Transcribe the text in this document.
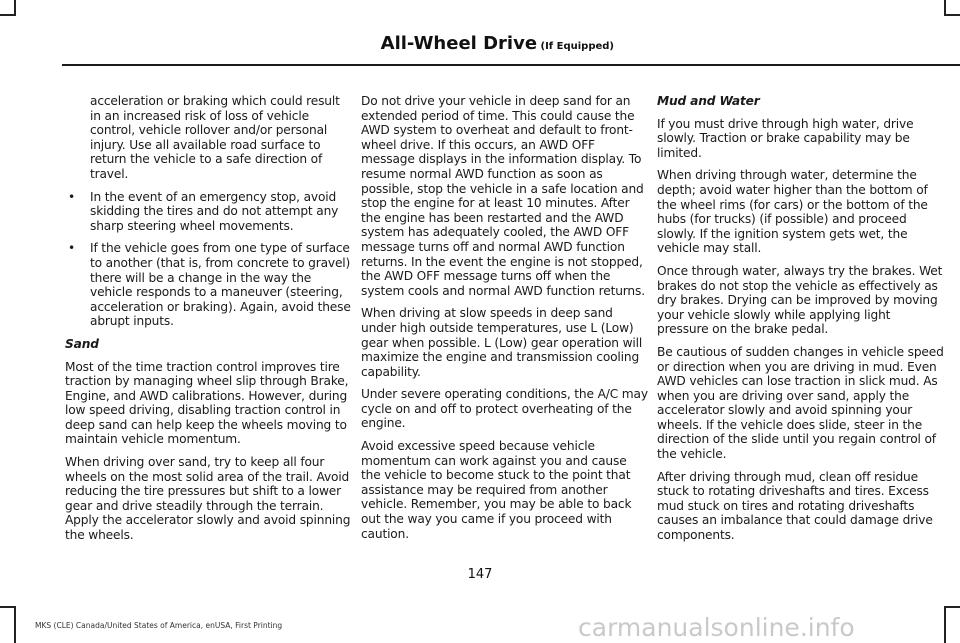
All-Wheel Drive (If Equipped)

acceleration or braking which could result in an increased risk of loss of vehicle control, vehicle rollover and/or personal injury. Use all available road surface to return the vehicle to a safe direction of travel.

• In the event of an emergency stop, avoid skidding the tires and do not attempt any sharp steering wheel movements.
• If the vehicle goes from one type of surface to another (that is, from concrete to gravel) there will be a change in the way the vehicle responds to a maneuver (steering, acceleration or braking). Again, avoid these abrupt inputs.

Sand

Most of the time traction control improves tire traction by managing wheel slip through Brake, Engine, and AWD calibrations. However, during low speed driving, disabling traction control in deep sand can help keep the wheels moving to maintain vehicle momentum.

When driving over sand, try to keep all four wheels on the most solid area of the trail. Avoid reducing the tire pressures but shift to a lower gear and drive steadily through the terrain. Apply the accelerator slowly and avoid spinning the wheels.

Do not drive your vehicle in deep sand for an extended period of time. This could cause the AWD system to overheat and default to front-wheel drive. If this occurs, an AWD OFF message displays in the information display. To resume normal AWD function as soon as possible, stop the vehicle in a safe location and stop the engine for at least 10 minutes. After the engine has been restarted and the AWD system has adequately cooled, the AWD OFF message turns off and normal AWD function returns. In the event the engine is not stopped, the AWD OFF message turns off when the system cools and normal AWD function returns.

When driving at slow speeds in deep sand under high outside temperatures, use L (Low) gear when possible. L (Low) gear operation will maximize the engine and transmission cooling capability.

Under severe operating conditions, the A/C may cycle on and off to protect overheating of the engine.

Avoid excessive speed because vehicle momentum can work against you and cause the vehicle to become stuck to the point that assistance may be required from another vehicle. Remember, you may be able to back out the way you came if you proceed with caution.

Mud and Water

If you must drive through high water, drive slowly. Traction or brake capability may be limited.

When driving through water, determine the depth; avoid water higher than the bottom of the wheel rims (for cars) or the bottom of the hubs (for trucks) (if possible) and proceed slowly. If the ignition system gets wet, the vehicle may stall.

Once through water, always try the brakes. Wet brakes do not stop the vehicle as effectively as dry brakes. Drying can be improved by moving your vehicle slowly while applying light pressure on the brake pedal.

Be cautious of sudden changes in vehicle speed or direction when you are driving in mud. Even AWD vehicles can lose traction in slick mud. As when you are driving over sand, apply the accelerator slowly and avoid spinning your wheels. If the vehicle does slide, steer in the direction of the slide until you regain control of the vehicle.

After driving through mud, clean off residue stuck to rotating driveshafts and tires. Excess mud stuck on tires and rotating driveshafts causes an imbalance that could damage drive components.

147
MKS (CLE) Canada/United States of America, enUSA, First Printing	carmanualsonline.info
